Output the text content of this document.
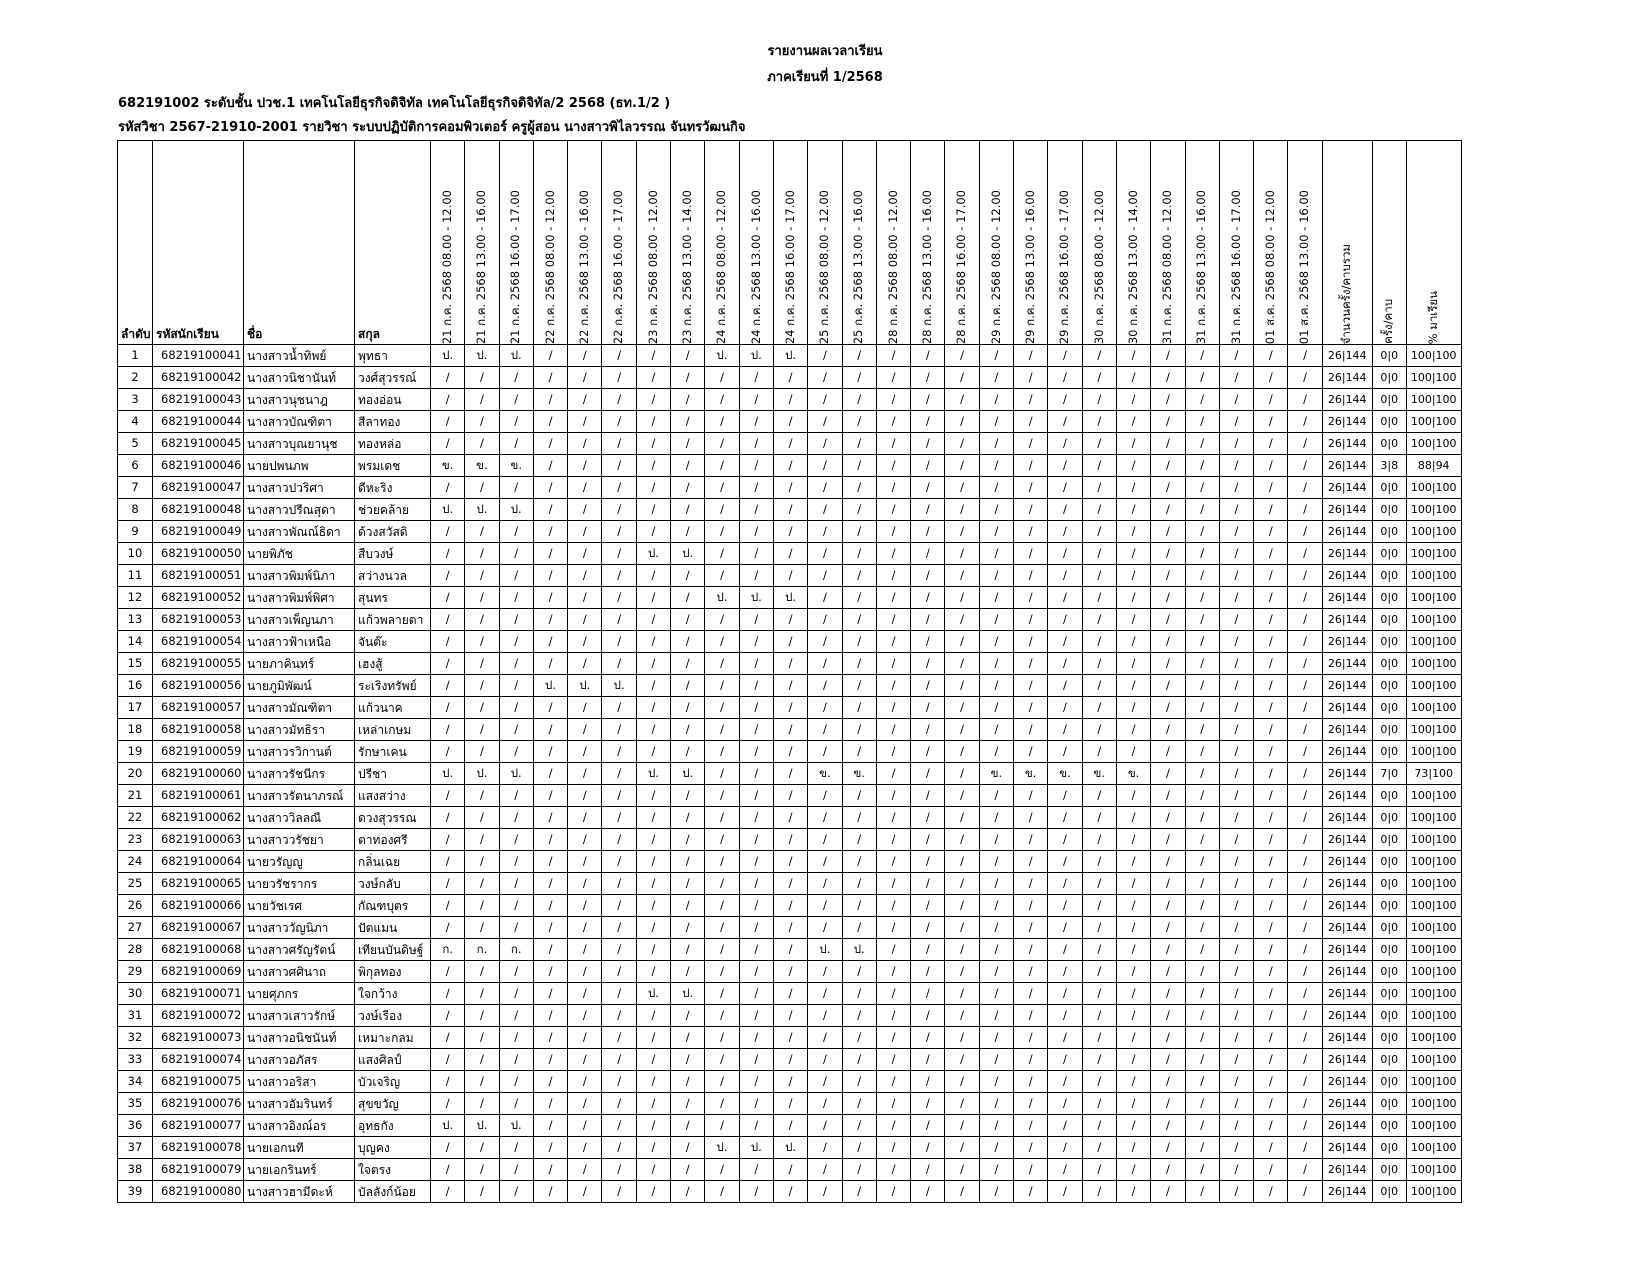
รายงานผลเวลาเรียน
ภาคเรียนที่ 1/2568
682191002 ระดับชั้น ปวช.1 เทคโนโลยีธุรกิจดิจิทัล เทคโนโลยีธุรกิจดิจิทัล/2 2568 (ธท.1/2 )
รหัสวิชา 2567-21910-2001 รายวิชา ระบบปฏิบัติการคอมพิวเตอร์ ครูผู้สอน นางสาวพิไลวรรณ จันทรวัฒนกิจ
ลำดับ	รหัสนักเรียน	ชื่อ	สกุล	21 ก.ค. 2568 08.00 - 12.00	21 ก.ค. 2568 13.00 - 16.00	21 ก.ค. 2568 16.00 - 17.00	22 ก.ค. 2568 08.00 - 12.00	22 ก.ค. 2568 13.00 - 16.00	22 ก.ค. 2568 16.00 - 17.00	23 ก.ค. 2568 08.00 - 12.00	23 ก.ค. 2568 13.00 - 14.00	24 ก.ค. 2568 08.00 - 12.00	24 ก.ค. 2568 13.00 - 16.00	24 ก.ค. 2568 16.00 - 17.00	25 ก.ค. 2568 08.00 - 12.00	25 ก.ค. 2568 13.00 - 16.00	28 ก.ค. 2568 08.00 - 12.00	28 ก.ค. 2568 13.00 - 16.00	28 ก.ค. 2568 16.00 - 17.00	29 ก.ค. 2568 08.00 - 12.00	29 ก.ค. 2568 13.00 - 16.00	29 ก.ค. 2568 16.00 - 17.00	30 ก.ค. 2568 08.00 - 12.00	30 ก.ค. 2568 13.00 - 14.00	31 ก.ค. 2568 08.00 - 12.00	31 ก.ค. 2568 13.00 - 16.00	31 ก.ค. 2568 16.00 - 17.00	01 ส.ค. 2568 08.00 - 12.00	01 ส.ค. 2568 13.00 - 16.00	จำนวนครั้ง/คาบรวม	ครั้ง/คาบ	% มาเรียน

1	68219100041	นางสาวน้ำทิพย์	พุทธา	ป.	ป.	ป.	/	/	/	/	/	ป.	ป.	ป.	/	/	/	/	/	/	/	/	/	/	/	/	/	/	/	26|144	0|0	100|100
2	68219100042	นางสาวนิชานันท์	วงศ์สุวรรณ์	/	/	/	/	/	/	/	/	/	/	/	/	/	/	/	/	/	/	/	/	/	/	/	/	/	/	26|144	0|0	100|100
3	68219100043	นางสาวนุชนาฎ	ทองอ่อน	/	/	/	/	/	/	/	/	/	/	/	/	/	/	/	/	/	/	/	/	/	/	/	/	/	/	26|144	0|0	100|100
4	68219100044	นางสาวบัณฑิตา	สีลาทอง	/	/	/	/	/	/	/	/	/	/	/	/	/	/	/	/	/	/	/	/	/	/	/	/	/	/	26|144	0|0	100|100
5	68219100045	นางสาวบุณยานุช	ทองหล่อ	/	/	/	/	/	/	/	/	/	/	/	/	/	/	/	/	/	/	/	/	/	/	/	/	/	/	26|144	0|0	100|100
6	68219100046	นายปพนภพ	พรมเดช	ข.	ข.	ข.	/	/	/	/	/	/	/	/	/	/	/	/	/	/	/	/	/	/	/	/	/	/	/	26|144	3|8	88|94
7	68219100047	นางสาวปวริศา	ดีหะริง	/	/	/	/	/	/	/	/	/	/	/	/	/	/	/	/	/	/	/	/	/	/	/	/	/	/	26|144	0|0	100|100
8	68219100048	นางสาวปรีณสุดา	ช่วยคล้าย	ป.	ป.	ป.	/	/	/	/	/	/	/	/	/	/	/	/	/	/	/	/	/	/	/	/	/	/	/	26|144	0|0	100|100
9	68219100049	นางสาวพัณณ์ธิดา	ด้วงสวัสดิ	/	/	/	/	/	/	/	/	/	/	/	/	/	/	/	/	/	/	/	/	/	/	/	/	/	/	26|144	0|0	100|100
10	68219100050	นายพิภัช	สืบวงษ์	/	/	/	/	/	/	ป.	ป.	/	/	/	/	/	/	/	/	/	/	/	/	/	/	/	/	/	/	26|144	0|0	100|100
11	68219100051	นางสาวพิมพ์นิภา	สว่างนวล	/	/	/	/	/	/	/	/	/	/	/	/	/	/	/	/	/	/	/	/	/	/	/	/	/	/	26|144	0|0	100|100
12	68219100052	นางสาวพิมพ์พิศา	สุนทร	/	/	/	/	/	/	/	/	ป.	ป.	ป.	/	/	/	/	/	/	/	/	/	/	/	/	/	/	/	26|144	0|0	100|100
13	68219100053	นางสาวเพ็ญนภา	แก้วพลายตา	/	/	/	/	/	/	/	/	/	/	/	/	/	/	/	/	/	/	/	/	/	/	/	/	/	/	26|144	0|0	100|100
14	68219100054	นางสาวฟ้าเหนือ	จันต๊ะ	/	/	/	/	/	/	/	/	/	/	/	/	/	/	/	/	/	/	/	/	/	/	/	/	/	/	26|144	0|0	100|100
15	68219100055	นายภาคินทร์	เฮงสู้	/	/	/	/	/	/	/	/	/	/	/	/	/	/	/	/	/	/	/	/	/	/	/	/	/	/	26|144	0|0	100|100
16	68219100056	นายภูมิพัฒน์	ระเริงทรัพย์	/	/	/	ป.	ป.	ป.	/	/	/	/	/	/	/	/	/	/	/	/	/	/	/	/	/	/	/	/	26|144	0|0	100|100
17	68219100057	นางสาวมัณฑิตา	แก้วนาค	/	/	/	/	/	/	/	/	/	/	/	/	/	/	/	/	/	/	/	/	/	/	/	/	/	/	26|144	0|0	100|100
18	68219100058	นางสาวมัทธิรา	เหล่าเกษม	/	/	/	/	/	/	/	/	/	/	/	/	/	/	/	/	/	/	/	/	/	/	/	/	/	/	26|144	0|0	100|100
19	68219100059	นางสาวรวิกานต์	รักษาเคน	/	/	/	/	/	/	/	/	/	/	/	/	/	/	/	/	/	/	/	/	/	/	/	/	/	/	26|144	0|0	100|100
20	68219100060	นางสาวรัชนีกร	ปรีชา	ป.	ป.	ป.	/	/	/	ป.	ป.	/	/	/	ข.	ข.	/	/	/	ข.	ข.	ข.	ข.	ข.	/	/	/	/	/	26|144	7|0	73|100
21	68219100061	นางสาวรัตนาภรณ์	แสงสว่าง	/	/	/	/	/	/	/	/	/	/	/	/	/	/	/	/	/	/	/	/	/	/	/	/	/	/	26|144	0|0	100|100
22	68219100062	นางสาววิลลณี	ดวงสุวรรณ	/	/	/	/	/	/	/	/	/	/	/	/	/	/	/	/	/	/	/	/	/	/	/	/	/	/	26|144	0|0	100|100
23	68219100063	นางสาววรัชยา	ตาทองศรี	/	/	/	/	/	/	/	/	/	/	/	/	/	/	/	/	/	/	/	/	/	/	/	/	/	/	26|144	0|0	100|100
24	68219100064	นายวรัญญู	กลิ่นเฉย	/	/	/	/	/	/	/	/	/	/	/	/	/	/	/	/	/	/	/	/	/	/	/	/	/	/	26|144	0|0	100|100
25	68219100065	นายวรัชรากร	วงษ์กลับ	/	/	/	/	/	/	/	/	/	/	/	/	/	/	/	/	/	/	/	/	/	/	/	/	/	/	26|144	0|0	100|100
26	68219100066	นายวัชเรศ	กัณฑบุตร	/	/	/	/	/	/	/	/	/	/	/	/	/	/	/	/	/	/	/	/	/	/	/	/	/	/	26|144	0|0	100|100
27	68219100067	นางสาววัญนิภา	ปัตแมน	/	/	/	/	/	/	/	/	/	/	/	/	/	/	/	/	/	/	/	/	/	/	/	/	/	/	26|144	0|0	100|100
28	68219100068	นางสาวศรัญรัตน์	เทียนบันดิษฐ์	ก.	ก.	ก.	/	/	/	/	/	/	/	/	ป.	ป.	/	/	/	/	/	/	/	/	/	/	/	/	/	26|144	0|0	100|100
29	68219100069	นางสาวศศินาถ	พิกุลทอง	/	/	/	/	/	/	/	/	/	/	/	/	/	/	/	/	/	/	/	/	/	/	/	/	/	/	26|144	0|0	100|100
30	68219100071	นายศุภกร	ใจกว้าง	/	/	/	/	/	/	ป.	ป.	/	/	/	/	/	/	/	/	/	/	/	/	/	/	/	/	/	/	26|144	0|0	100|100
31	68219100072	นางสาวเสาวรักษ์	วงษ์เรือง	/	/	/	/	/	/	/	/	/	/	/	/	/	/	/	/	/	/	/	/	/	/	/	/	/	/	26|144	0|0	100|100
32	68219100073	นางสาวอนิชนันท์	เหมาะกลม	/	/	/	/	/	/	/	/	/	/	/	/	/	/	/	/	/	/	/	/	/	/	/	/	/	/	26|144	0|0	100|100
33	68219100074	นางสาวอภัสร	แสงศิลป์	/	/	/	/	/	/	/	/	/	/	/	/	/	/	/	/	/	/	/	/	/	/	/	/	/	/	26|144	0|0	100|100
34	68219100075	นางสาวอริสา	บัวเจริญ	/	/	/	/	/	/	/	/	/	/	/	/	/	/	/	/	/	/	/	/	/	/	/	/	/	/	26|144	0|0	100|100
35	68219100076	นางสาวอัมรินทร์	สุขขวัญ	/	/	/	/	/	/	/	/	/	/	/	/	/	/	/	/	/	/	/	/	/	/	/	/	/	/	26|144	0|0	100|100
36	68219100077	นางสาวอิงณ์อร	อุทธกัง	ป.	ป.	ป.	/	/	/	/	/	/	/	/	/	/	/	/	/	/	/	/	/	/	/	/	/	/	/	26|144	0|0	100|100
37	68219100078	นายเอกนที	บุญคง	/	/	/	/	/	/	/	/	ป.	ป.	ป.	/	/	/	/	/	/	/	/	/	/	/	/	/	/	/	26|144	0|0	100|100
38	68219100079	นายเอกรินทร์	ใจตรง	/	/	/	/	/	/	/	/	/	/	/	/	/	/	/	/	/	/	/	/	/	/	/	/	/	/	26|144	0|0	100|100
39	68219100080	นางสาวฮามีดะห์	บัลลังก์น้อย	/	/	/	/	/	/	/	/	/	/	/	/	/	/	/	/	/	/	/	/	/	/	/	/	/	/	26|144	0|0	100|100
